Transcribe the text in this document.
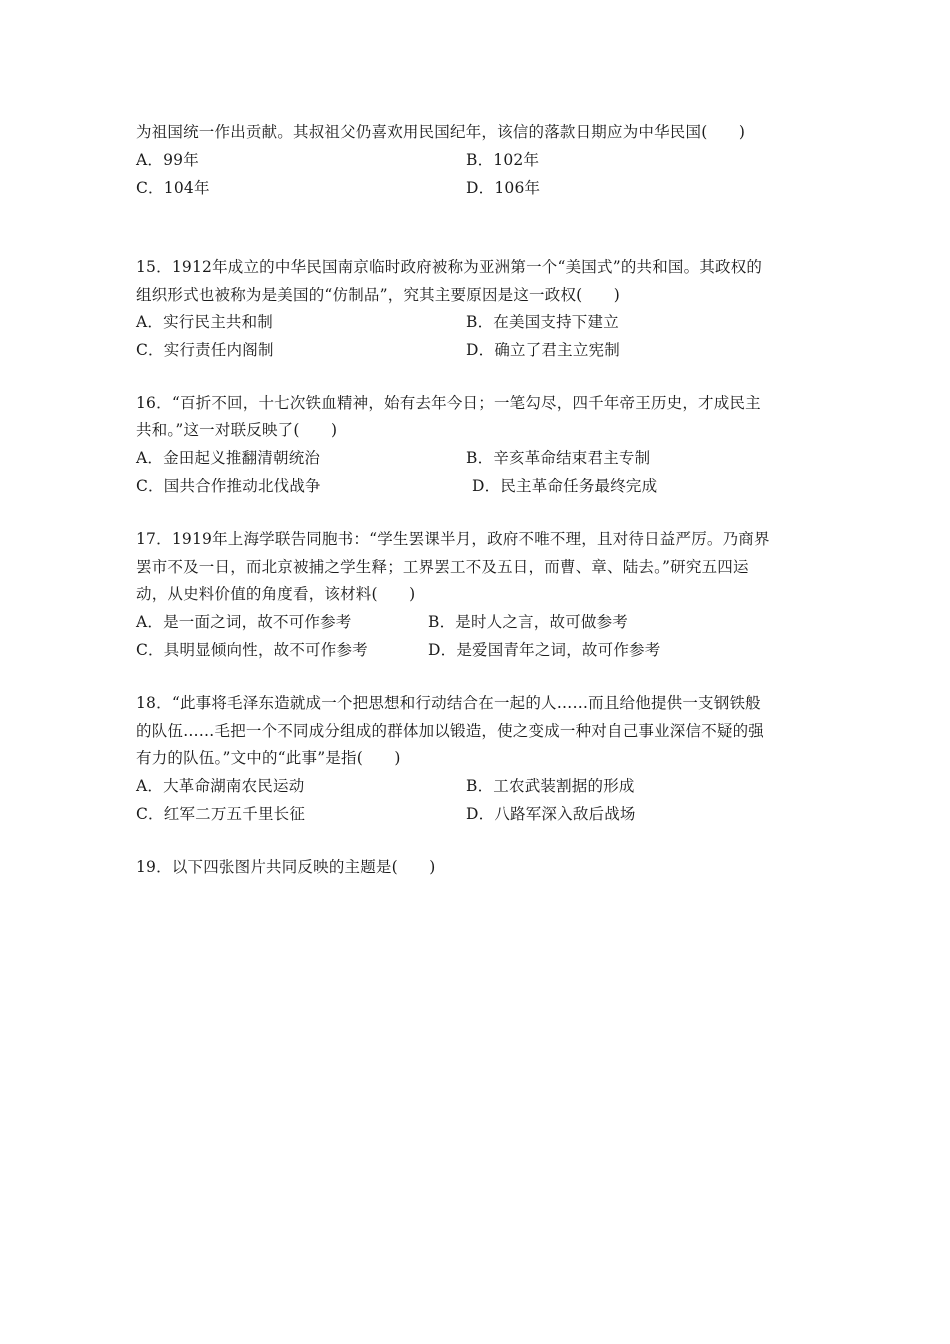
为祖国统一作出贡献。其叔祖父仍喜欢用民国纪年，该信的落款日期应为中华民国(　　)
A．99年	B．102年
C．104年	D．106年
15．1912年成立的中华民国南京临时政府被称为亚洲第一个“美国式”的共和国。其政权的
组织形式也被称为是美国的“仿制品”，究其主要原因是这一政权(　　)
A．实行民主共和制	B．在美国支持下建立
C．实行责任内阁制	D．确立了君主立宪制
16．“百折不回，十七次铁血精神，始有去年今日；一笔勾尽，四千年帝王历史，才成民主
共和。”这一对联反映了(　　)
A．金田起义推翻清朝统治	B．辛亥革命结束君主专制
C．国共合作推动北伐战争	D．民主革命任务最终完成
17．1919年上海学联告同胞书：“学生罢课半月，政府不唯不理，且对待日益严厉。乃商界
罢市不及一日，而北京被捕之学生释；工界罢工不及五日，而曹、章、陆去。”研究五四运
动，从史料价值的角度看，该材料(　　)
A．是一面之词，故不可作参考	B．是时人之言，故可做参考
C．具明显倾向性，故不可作参考	D．是爱国青年之词，故可作参考
18．“此事将毛泽东造就成一个把思想和行动结合在一起的人……而且给他提供一支钢铁般
的队伍……毛把一个不同成分组成的群体加以锻造，使之变成一种对自己事业深信不疑的强
有力的队伍。”文中的“此事”是指(　　)
A．大革命湖南农民运动	B．工农武装割据的形成
C．红军二万五千里长征	D．八路军深入敌后战场
19．以下四张图片共同反映的主题是(　　)
